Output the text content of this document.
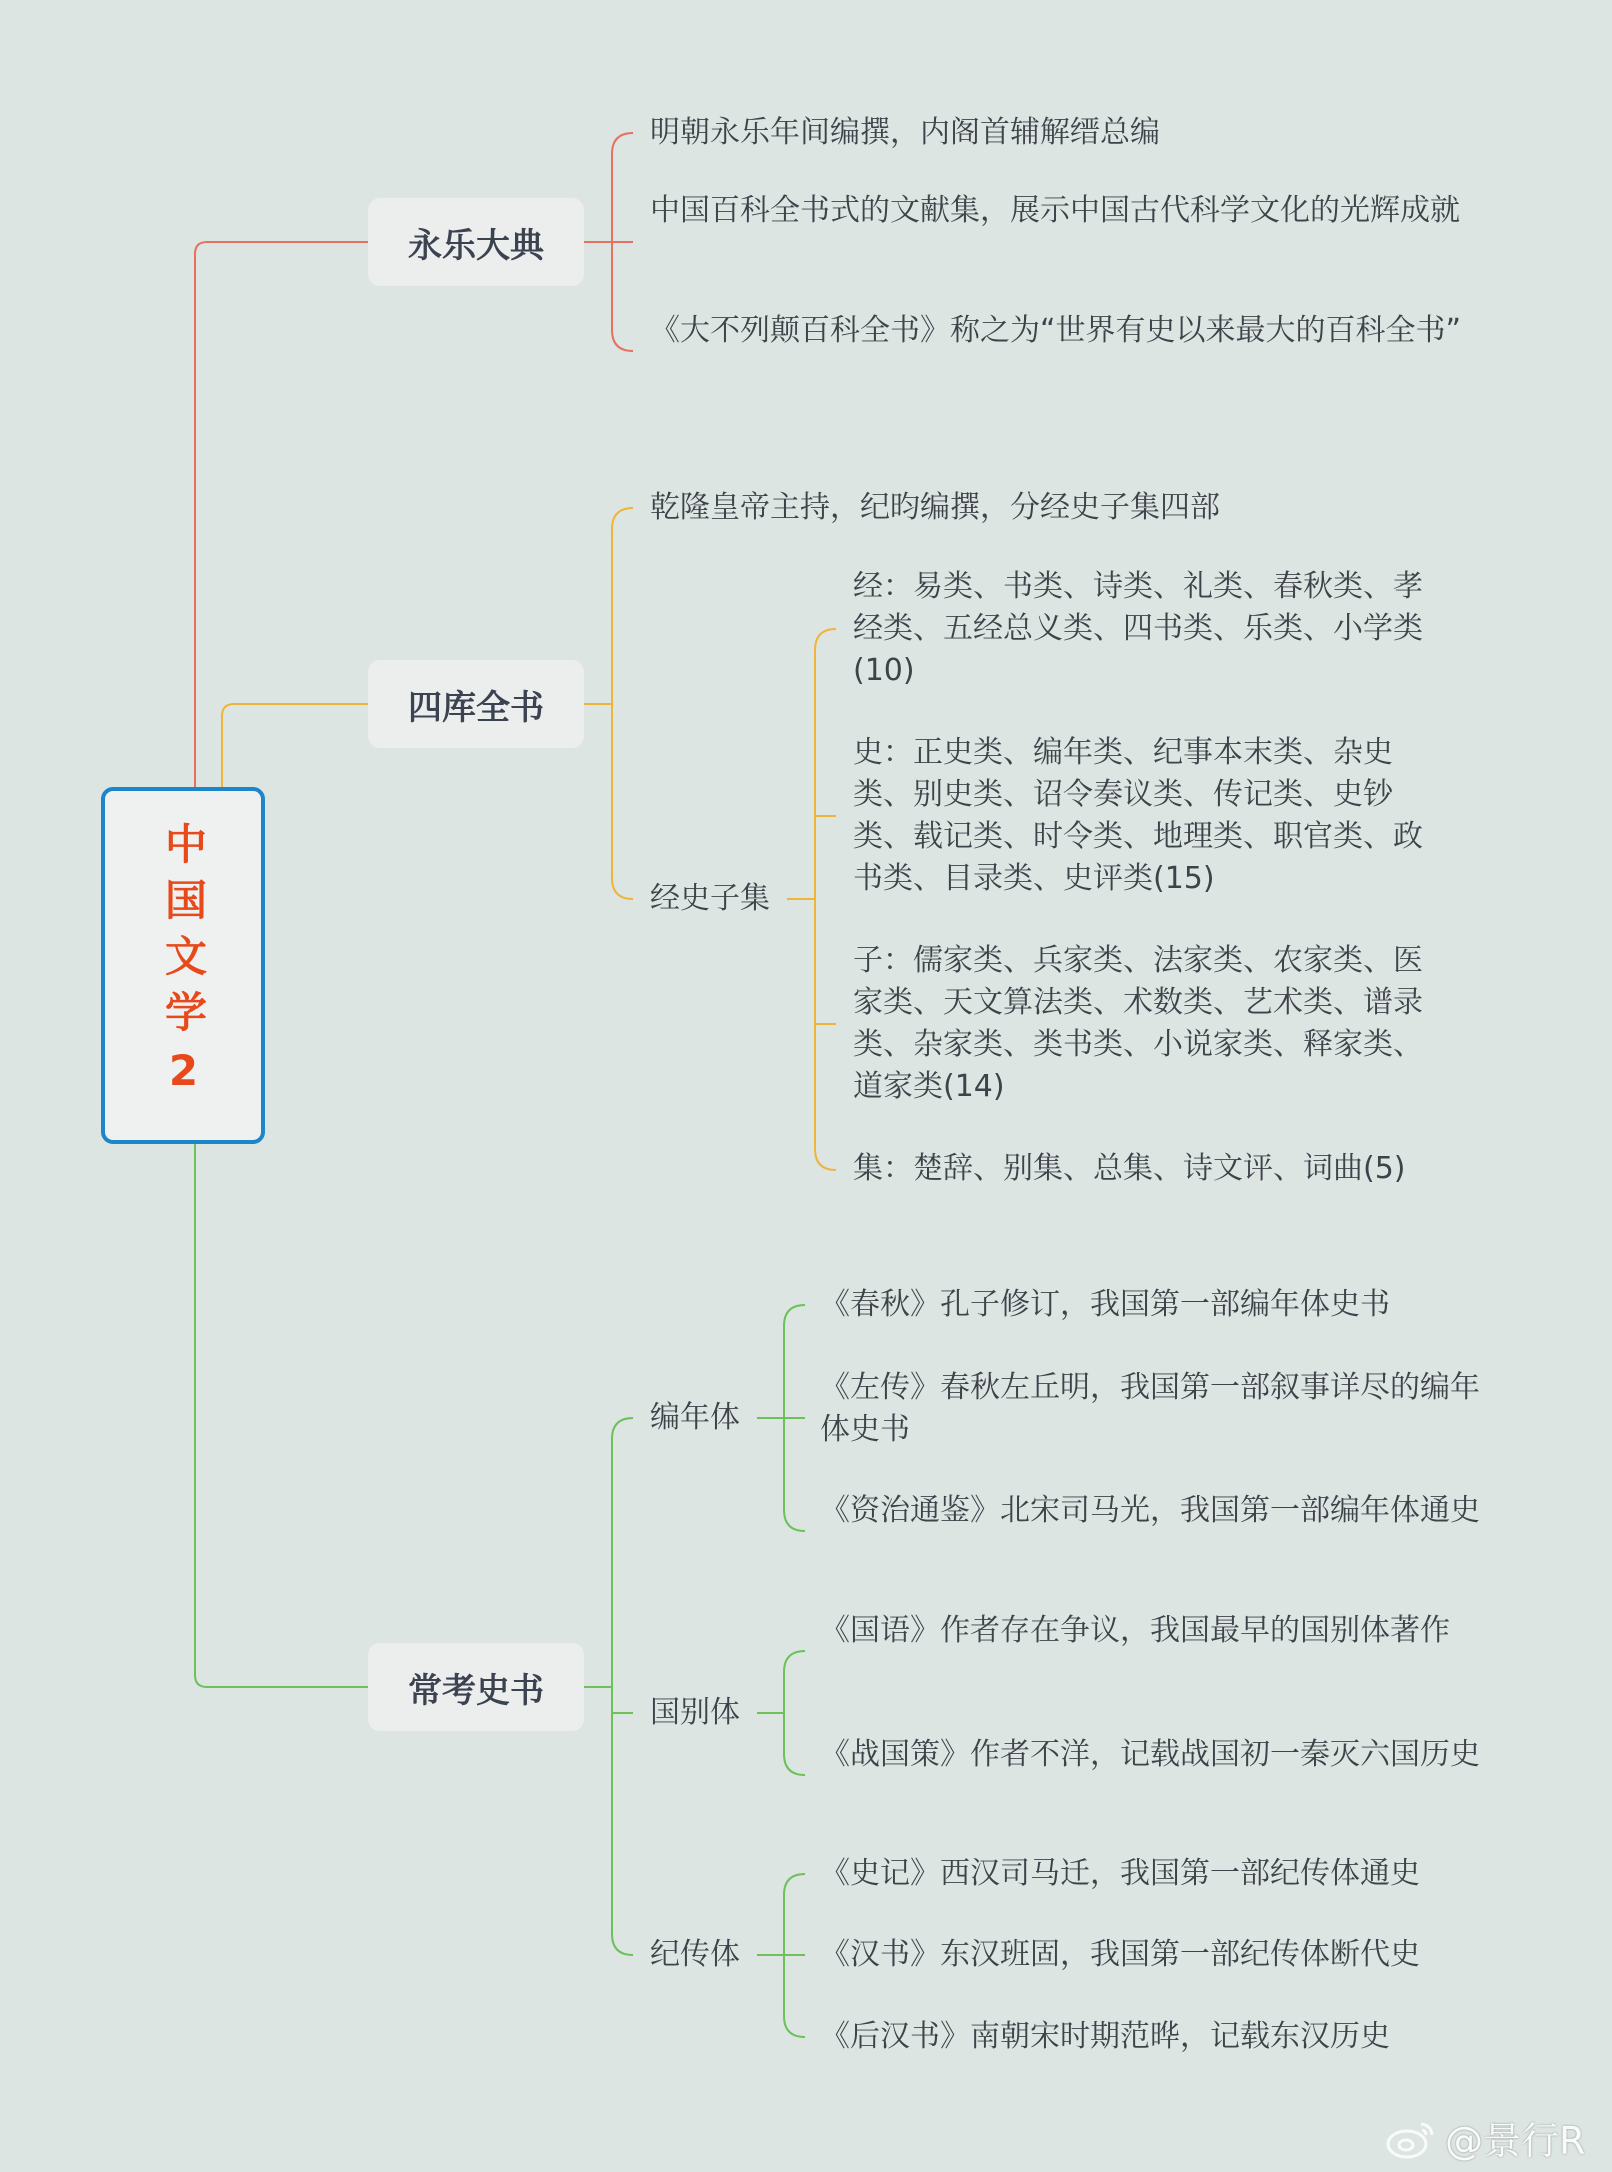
中国文学2
永乐大典
明朝永乐年间编撰，内阁首辅解缙总编
中国百科全书式的文献集，展示中国古代科学文化的光辉成就
《大不列颠百科全书》称之为“世界有史以来最大的百科全书”
四库全书
乾隆皇帝主持，纪昀编撰，分经史子集四部
经史子集
经：易类、书类、诗类、礼类、春秋类、孝经类、五经总义类、四书类、乐类、小学类(10)
史：正史类、编年类、纪事本末类、杂史类、别史类、诏令奏议类、传记类、史钞类、载记类、时令类、地理类、职官类、政书类、目录类、史评类(15)
子：儒家类、兵家类、法家类、农家类、医家类、天文算法类、术数类、艺术类、谱录类、杂家类、类书类、小说家类、释家类、道家类(14)
集：楚辞、别集、总集、诗文评、词曲(5)
常考史书
编年体
《春秋》孔子修订，我国第一部编年体史书
《左传》春秋左丘明，我国第一部叙事详尽的编年体史书
《资治通鉴》北宋司马光，我国第一部编年体通史
国别体
《国语》作者存在争议，我国最早的国别体著作
《战国策》作者不洋，记载战国初一秦灭六国历史
纪传体
《史记》西汉司马迁，我国第一部纪传体通史
《汉书》东汉班固，我国第一部纪传体断代史
《后汉书》南朝宋时期范晔，记载东汉历史
@景行R
